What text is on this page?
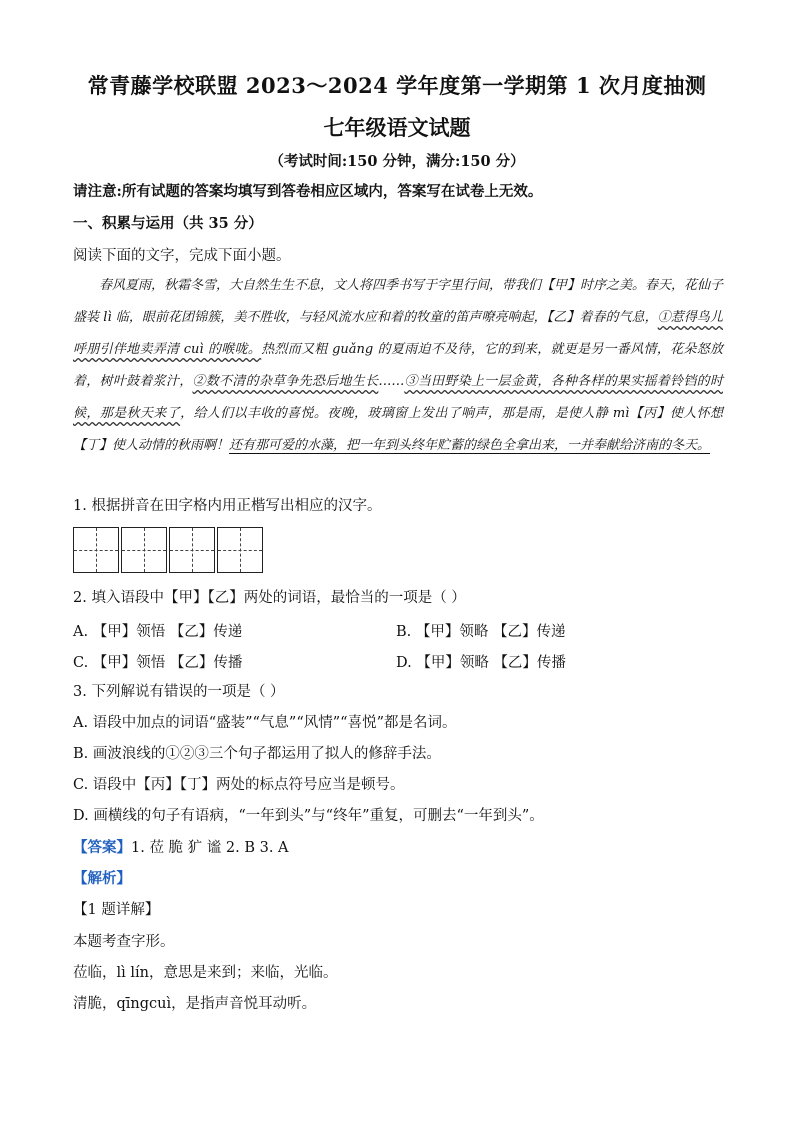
常青藤学校联盟 2023～2024 学年度第一学期第 1 次月度抽测
七年级语文试题
（考试时间:150 分钟，满分:150 分）
请注意:所有试题的答案均填写到答卷相应区域内，答案写在试卷上无效。
一、积累与运用（共 35 分）
阅读下面的文字，完成下面小题。

春风夏雨，秋霜冬雪，大自然生生不息，文人将四季书写于字里行间，带我们【甲】时序之美。春天，花仙子盛装 lì 临，眼前花团锦簇，美不胜收，与轻风流水应和着的牧童的笛声嘹亮响起，【乙】着春的气息，①惹得鸟儿呼朋引伴地卖弄清 cuì 的喉咙。热烈而又粗 guǎng 的夏雨迫不及待，它的到来，就更是另一番风情，花朵怒放着，树叶鼓着浆汁，②数不清的杂草争先恐后地生长……③当田野染上一层金黄，各种各样的果实摇着铃铛的时候，那是秋天来了，给人们以丰收的喜悦。夜晚，玻璃窗上发出了响声，那是雨，是使人静 mì【丙】使人怀想【丁】使人动情的秋雨啊！还有那可爱的水藻，把一年到头终年贮蓄的绿色全拿出来，一并奉献给济南的冬天。

1. 根据拼音在田字格内用正楷写出相应的汉字。
2. 填入语段中【甲】【乙】两处的词语，最恰当的一项是（ ）
A. 【甲】领悟 【乙】传递	B. 【甲】领略 【乙】传递
C. 【甲】领悟 【乙】传播	D. 【甲】领略 【乙】传播
3. 下列解说有错误的一项是（ ）
A. 语段中加点的词语“盛装”“气息”“风情”“喜悦”都是名词。
B. 画波浪线的①②③三个句子都运用了拟人的修辞手法。
C. 语段中【丙】【丁】两处的标点符号应当是顿号。
D. 画横线的句子有语病，“一年到头”与“终年”重复，可删去“一年到头”。
【答案】1. 莅 脆 犷 谧 2. B 3. A
【解析】
【1 题详解】
本题考查字形。
莅临，lì lín，意思是来到；来临，光临。
清脆，qīngcuì，是指声音悦耳动听。
